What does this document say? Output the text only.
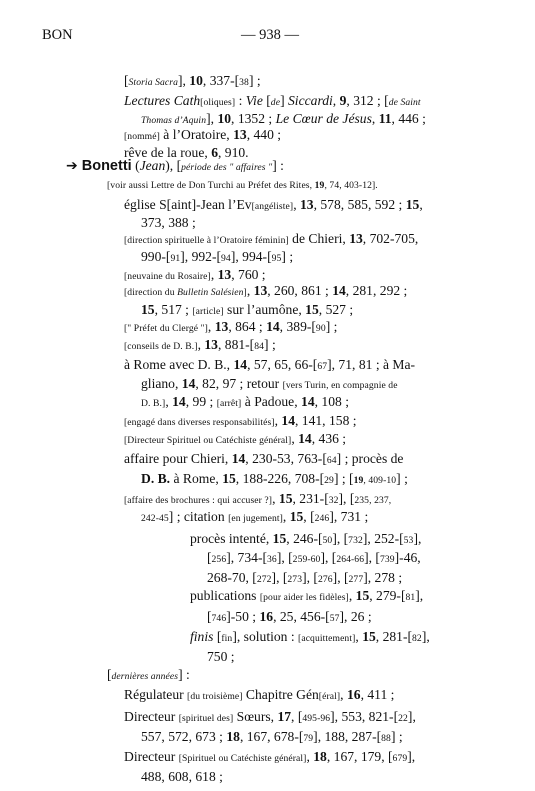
BON	— 938 —
[Storia Sacra], 10, 337-[38] ;
Lectures Cath[oliques] : Vie [de] Siccardi, 9, 312 ; [de Saint
Thomas d’Aquin], 10, 1352 ; Le Cœur de Jésus, 11, 446 ;
[nommé] à l’Oratoire, 13, 440 ;
rêve de la roue, 6, 910.
➔ Bonetti (Jean), [période des " affaires "] :
[voir aussi Lettre de Don Turchi au Préfet des Rites, 19, 74, 403-12].
église S[aint]-Jean l’Ev[angéliste], 13, 578, 585, 592 ; 15,
373, 388 ;
[direction spirituelle à l’Oratoire féminin] de Chieri, 13, 702-705,
990-[91], 992-[94], 994-[95] ;
[neuvaine du Rosaire], 13, 760 ;
[direction du Bulletin Salésien], 13, 260, 861 ; 14, 281, 292 ;
15, 517 ; [article] sur l’aumône, 15, 527 ;
[" Préfet du Clergé "], 13, 864 ; 14, 389-[90] ;
[conseils de D. B.], 13, 881-[84] ;
à Rome avec D. B., 14, 57, 65, 66-[67], 71, 81 ; à Ma-
gliano, 14, 82, 97 ; retour [vers Turin, en compagnie de
D. B.], 14, 99 ; [arrêt] à Padoue, 14, 108 ;
[engagé dans diverses responsabilités], 14, 141, 158 ;
[Directeur Spirituel ou Catéchiste général], 14, 436 ;
affaire pour Chieri, 14, 230-53, 763-[64] ; procès de
D. B. à Rome, 15, 188-226, 708-[29] ; [19, 409-10] ;
[affaire des brochures : qui accuser ?], 15, 231-[32], [235, 237,
242-45] ; citation [en jugement], 15, [246], 731 ;
procès intenté, 15, 246-[50], [732], 252-[53],
[256], 734-[36], [259-60], [264-66], [739]-46,
268-70, [272], [273], [276], [277], 278 ;
publications [pour aider les fidèles], 15, 279-[81],
[746]-50 ; 16, 25, 456-[57], 26 ;
finis [fin], solution : [acquittement], 15, 281-[82],
750 ;
[dernières années] :
Régulateur [du troisième] Chapitre Gén[éral], 16, 411 ;
Directeur [spirituel des] Sœurs, 17, [495-96], 553, 821-[22],
557, 572, 673 ; 18, 167, 678-[79], 188, 287-[88] ;
Directeur [Spirituel ou Catéchiste général], 18, 167, 179, [679],
488, 608, 618 ;
